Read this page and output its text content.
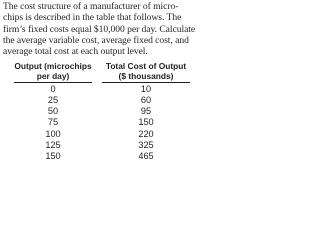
The cost structure of a manufacturer of micro-
chips is described in the table that follows. The
firm’s fixed costs equal $10,000 per day. Calculate
the average variable cost, average fixed cost, and
average total cost at each output level.

Output (microchips
per day)		Total Cost of Output
($ thousands)

0		10
25		60
50		95
75		150
100		220
125		325
150		465
